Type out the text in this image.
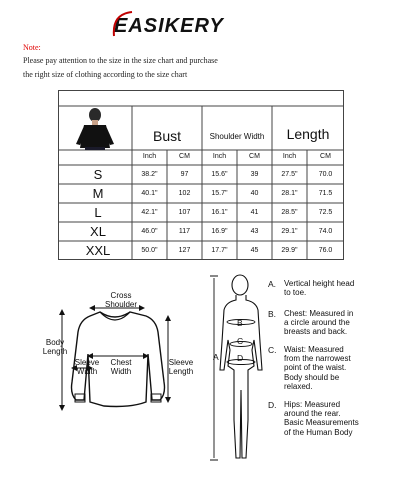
EASIKERY
Note:
Please pay attention to the size in the size chart and purchase
the right size of clothing according to the size chart
Bust	Shoulder Width	Length
Inch	CM	Inch	CM	Inch	CM
S	38.2''	97	15.6''	39	27.5''	70.0
M	40.1''	102	15.7''	40	28.1''	71.5
L	42.1''	107	16.1''	41	28.5''	72.5
XL	46.0''	117	16.9''	43	29.1''	74.0
XXL	50.0''	127	17.7''	45	29.9''	76.0
Cross
Shoulder
Body
Length
Sleeve
Width
Chest
Width
Sleeve
Length
A
B
C
D
A. Vertical height head
to toe.
B. Chest: Measured in
a circle around the
breasts and back.
C. Waist: Measured
from the narrowest
point of the waist.
Body should be
relaxed.
D. Hips: Measured
around the rear.
Basic Measurements
of the Human Body
